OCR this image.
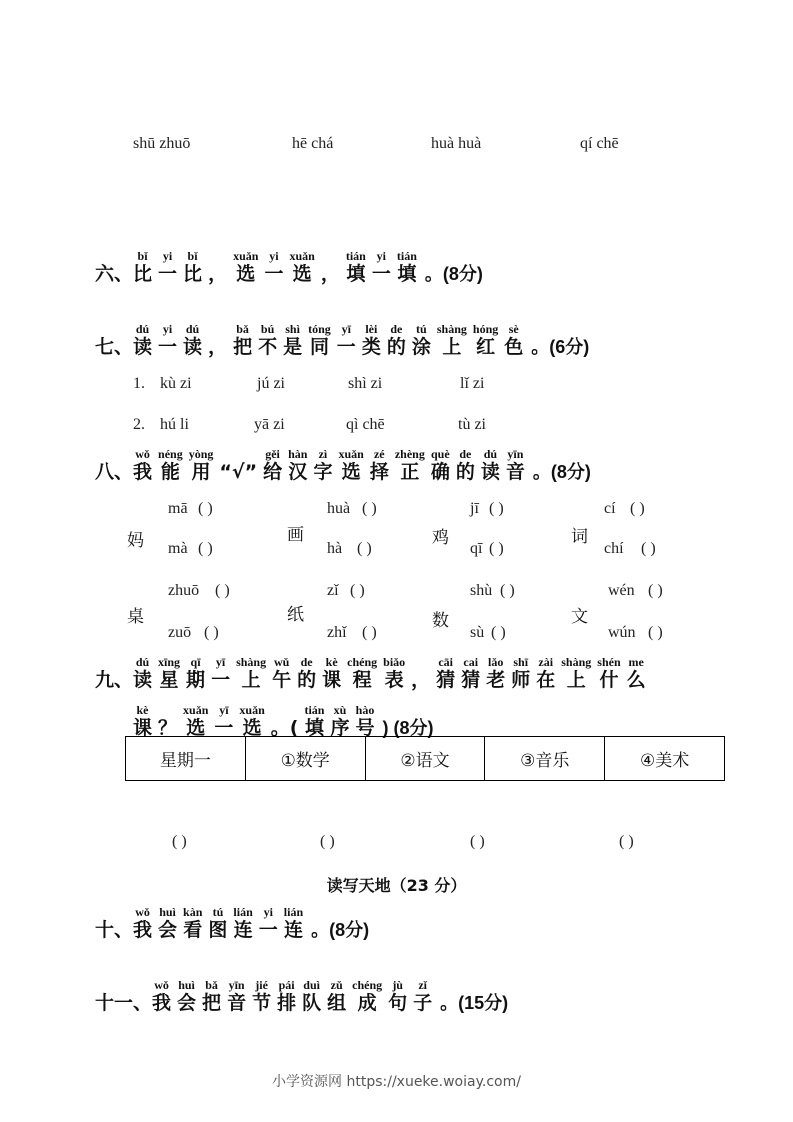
shū zhuō	hē chá	huà huà	qí chē
六、
bǐ
比
yi
一
bǐ
比 ，
xuǎn
选
yi
一
xuǎn
选 ，
tián
填
yi
一
tián
填 。(8分)
七、
dú
读
yi
一
dú
读 ，
bǎ
把
bú
不
shì
是
tóng
同
yī
一
lèi
类
de
的
tú
涂
shàng
上
hóng
红
sè
色 。(6分)
1. kù zi	jú zi	shì zi	lǐ zi
2. hú li	yā zi	qì chē	tù zi
八、
wǒ
我
néng
能
yòng
用 “√”
gěi
给
hàn
汉
zì
字
xuǎn
选
zé
择
zhèng
正
què
确
de
的
dú
读
yīn
音 。(8分)
妈
mā ( )
mà ( )
画
huà ( )
hà ( )
鸡
jī ( )
qī ( )
词
cí ( )
chí ( )
桌
zhuō ( )
zuō ( )
纸
zǐ ( )
zhǐ ( )
数
shù ( )
sù ( )
文
wén ( )
wún ( )
九、
dú
读
xīng
星
qī
期
yī
一
shàng
上
wǔ
午
de
的
kè
课
chéng
程
biǎo
表 ，
cāi
猜
cai
猜
lǎo
老
shī
师
zài
在
shàng
上
shén
什
me
么
kè
课 ？
xuǎn
选
yī
一
xuǎn
选 。(
tián
填
xù
序
hào
号 ) (8分)
星期一	①数学	②语文	③音乐	④美术
( )	( )	( )	( )
读写天地（23 分）
十、
wǒ
我
huì
会
kàn
看
tú
图
lián
连
yi
一
lián
连 。(8分)
十一、
wǒ
我
huì
会
bǎ
把
yīn
音
jié
节
pái
排
duì
队
zǔ
组
chéng
成
jù
句
zǐ
子 。(15分)
小学资源网 https://xueke.woiay.com/
